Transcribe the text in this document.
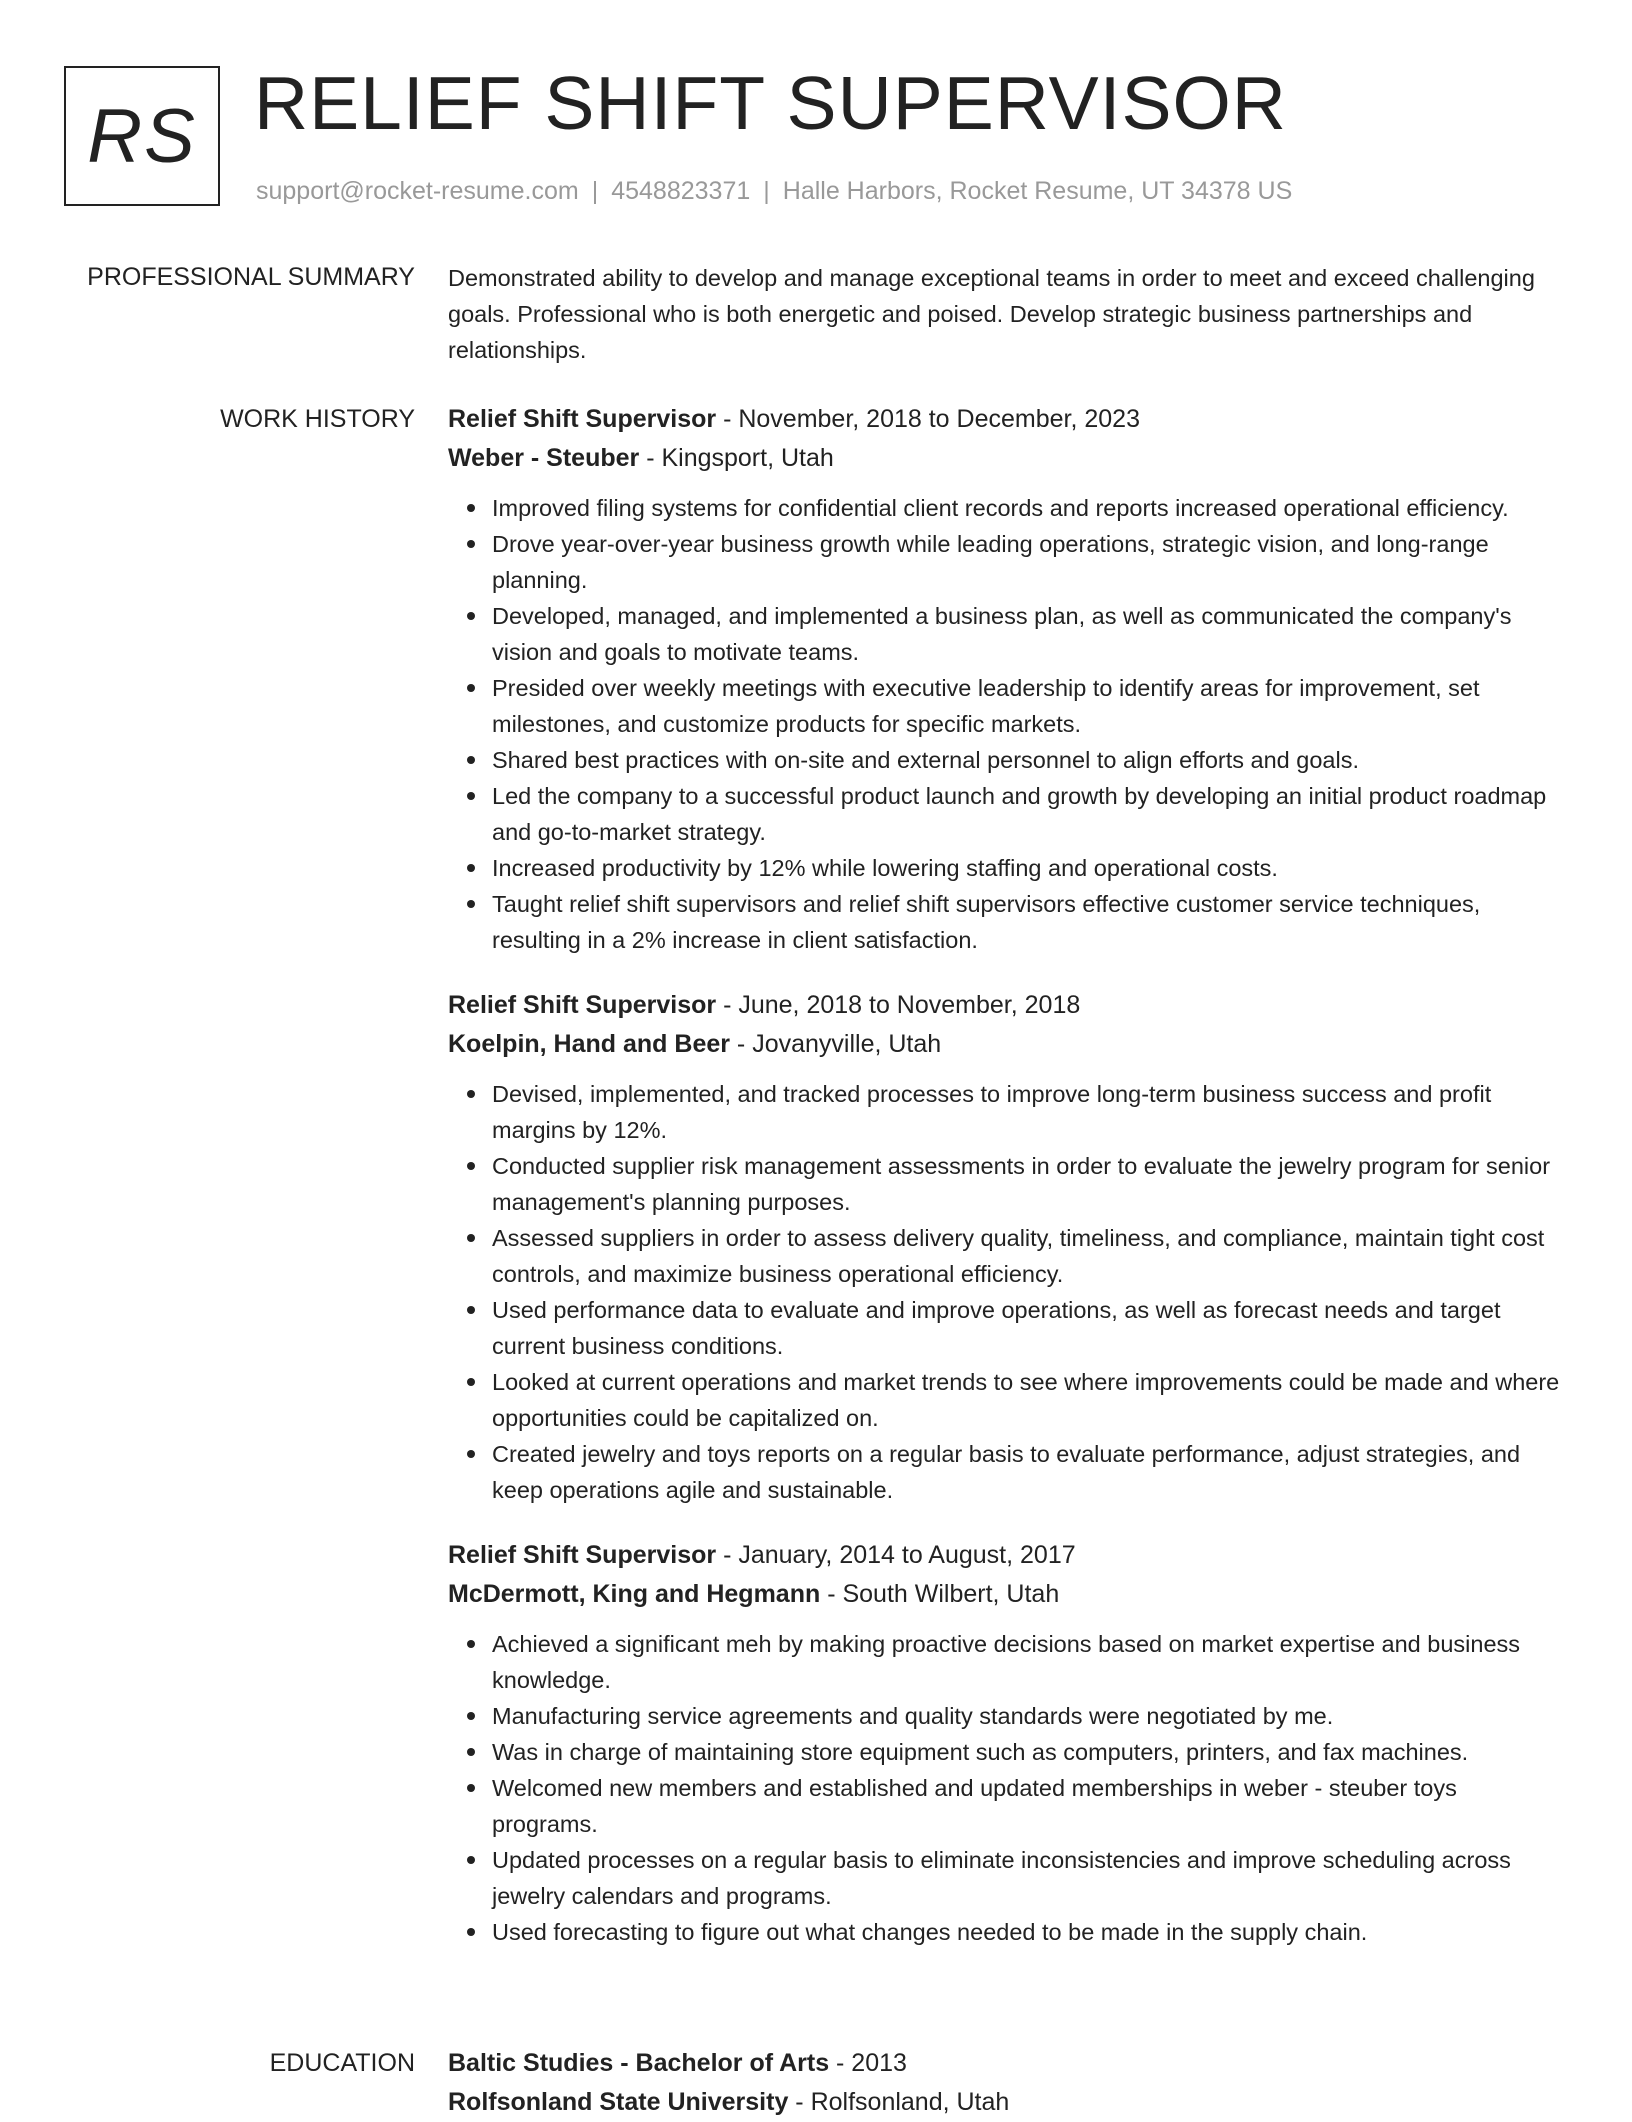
RS RELIEF SHIFT SUPERVISOR
support@rocket-resume.com | 4548823371 | Halle Harbors, Rocket Resume, UT 34378 US
PROFESSIONAL SUMMARY Demonstrated ability to develop and manage exceptional teams in order to meet and exceed challenging goals. Professional who is both energetic and poised. Develop strategic business partnerships and relationships.

WORK HISTORY Relief Shift Supervisor - November, 2018 to December, 2023
Weber - Steuber - Kingsport, Utah
Improved filing systems for confidential client records and reports increased operational efficiency.
Drove year-over-year business growth while leading operations, strategic vision, and long-range planning.
Developed, managed, and implemented a business plan, as well as communicated the company's vision and goals to motivate teams.
Presided over weekly meetings with executive leadership to identify areas for improvement, set milestones, and customize products for specific markets.
Shared best practices with on-site and external personnel to align efforts and goals.
Led the company to a successful product launch and growth by developing an initial product roadmap and go-to-market strategy.
Increased productivity by 12% while lowering staffing and operational costs.
Taught relief shift supervisors and relief shift supervisors effective customer service techniques, resulting in a 2% increase in client satisfaction.
Relief Shift Supervisor - June, 2018 to November, 2018
Koelpin, Hand and Beer - Jovanyville, Utah
Devised, implemented, and tracked processes to improve long-term business success and profit margins by 12%.
Conducted supplier risk management assessments in order to evaluate the jewelry program for senior management's planning purposes.
Assessed suppliers in order to assess delivery quality, timeliness, and compliance, maintain tight cost controls, and maximize business operational efficiency.
Used performance data to evaluate and improve operations, as well as forecast needs and target current business conditions.
Looked at current operations and market trends to see where improvements could be made and where opportunities could be capitalized on.
Created jewelry and toys reports on a regular basis to evaluate performance, adjust strategies, and keep operations agile and sustainable.
Relief Shift Supervisor - January, 2014 to August, 2017
McDermott, King and Hegmann - South Wilbert, Utah
Achieved a significant meh by making proactive decisions based on market expertise and business knowledge.
Manufacturing service agreements and quality standards were negotiated by me.
Was in charge of maintaining store equipment such as computers, printers, and fax machines.
Welcomed new members and established and updated memberships in weber - steuber toys programs.
Updated processes on a regular basis to eliminate inconsistencies and improve scheduling across jewelry calendars and programs.
Used forecasting to figure out what changes needed to be made in the supply chain.
EDUCATION Baltic Studies - Bachelor of Arts - 2013
Rolfsonland State University - Rolfsonland, Utah
